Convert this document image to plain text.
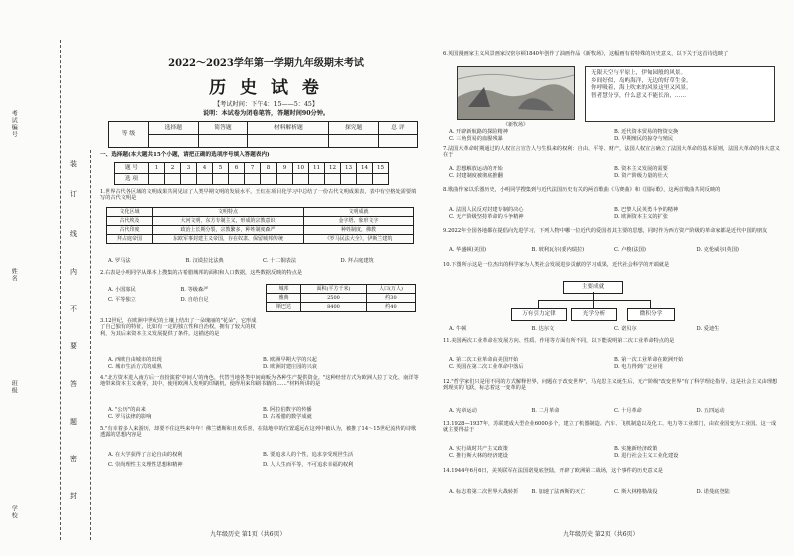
考试编号
姓名
班级
学校
装
订
线
内
不
要
答
题
密
封
2022～2023学年第一学期九年级期末考试
历 史 试 卷
【考试时间：下午4：15——5：45】
说明：本试卷为闭卷笔答，答题时间90分钟。
等 级	选择题	简答题	材料解析题	探究题	总 评

一、选择题(本大题共15个小题，请把正确的选项序号填入答题表内)
题 号	1	2	3	4	5	6	7	8	9	10	11	12	13	14	15
选 项															
1.世界古代各区域的文明成果共同见证了人类早期文明的发展水平。王红在项目化学习中总结了一份古代文明成果表，表中有空格处需要填写的古代文明是
文化区域	文明特点	文明成就
古代埃及	大河文明，东方专制主义，形成的宗教意识	金字塔、象形文字
古代印度	政治上长期分裂，宗教繁多，种姓制度森严	种姓制度，佛教
拜占庭帝国	东欧军事封建主义帝国，存在奴隶、保留城邦传统	《罗马民法大全》，伊斯兰建筑
A. 罗马法	B. 汉谟拉比法典	C. 十二铜表法	D. 拜占庭建筑
2.右表是小明同学从课本上搜集的古希腊城邦的面积和人口数据，这些数据反映的特点是
A. 小国寡民	B. 等级森严
C. 平等独立	D. 自给自足
城邦	面积(平方千米)	人口(万人)
雅典	2500	约30
斯巴达	8400	约40
3.12世纪，在欧洲中世纪的土壤上结出了一朵瑰丽的"花朵"，它形成了自己独有的特征，比如有一定的独立性和自治权，拥有了较大的权利，为其后来资本主义发展提供了条件。这描述的是
A. 西欧自由城市的出现	B. 欧洲早期大学的兴起
C. 城市生活方式的成熟	D. 欧洲封建庄园的兴衰
4."北方资本进入南方后一直扮演着'中间人'的角色，代替当地各类中间商贩为各种生产提供资金。"这种经营方式为欧洲人拉丁文化、南洋等地带来资本主义萌芽，其中，使用欧洲人发明的印刷机，使得用来印刷书籍的……"材料所讲的是
A. "公历"的由来	B. 阿拉伯数字的传播
C. 罗马法律的影响	D. 古希腊的数学成就
5."有幸着多人来游历，却要不住这些来年年！佛兰德斯和且欢乐喜，在陆地中的位置遥远在这列中被认为，被推了14～15世纪流传的诗歌透露的思想内容是
A. 在大学获得了言论自由的权利	B. 要追求人的个性，追求享受现世生活
C. 崇尚理性主义理性思想和精神	D. 人人生而平等，不可追求幸福的权利
九年级历史 第1页（共6页）
6.英国漫画家主义风景画家汉密尔顿1840年创作了油画作品《新牧场》，这幅画有着特殊的历史意义，以下关于这首诗选映了
《新牧场》
无限天空与平原上，伊甸园般的风景。
乡间好似，岛屿海洋，无边的好草生金。
你呼吸着，海上吹来的风景这里又风景。
智者慧分享，什么意义不能长治，……
A. 开辟新航路的探险精神	B. 近代资本贸易的物资交换
C. 三角贸易的血腥残暴	D. 早期殖民的掠夺与殖民
7.法国大革命时期通过的人权宣言宣告人与生俱来的权利：自由、平等、财产，法国人权宣言确立了法国大革命的基本原则，法国大革命的伟大意义在于
A. 思想解放运动的开始	B. 资本主义发展的需要
C. 封建制度被彻底推翻	D. 资产阶级力量的壮大
8.歌曲作家以乐器历史，小明同学搜集到与近代法国历史有关的两首歌曲《马赛曲》和《国际歌》，这两首歌曲共同反映的
A. 法国人民反对封建专制的决心	B. 巴黎人民英勇斗争的精神
C. 无产阶级坚持革命的斗争精神	D. 欧洲资本主义的扩张
9.2022年全国各地都在提倡向先进学习，下列人物中哪一位近代的爱国者其主要的思想，同时作为西方资产阶级的革命家都是近代中国的朋友
A. 华盛顿(美国)	B. 玻利瓦尔(委内瑞拉)	C. 卢梭(法国)	D. 克伦威尔(英国)
10.下图所示这是一位杰出的科学家为人类社会发展进步贡献的学习成果，近代社会科学的开端就是
主要成就
万有引力定律	光学分析	微积分学
A. 牛顿	B. 达尔文	C. 诺贝尔	D. 爱迪生
11.美国两次工业革命在发展方向、性质、作用等方面有所不同，以下能说明第二次工业革命特点的是
A. 第二次工业革命由美国开始	B. 第一次工业革命在欧洲开始
C. 英国在第二次工业革命中落后	D. 电力得到广泛应用
12."哲学家们只是用不同的方式解释世界，问题在于改变世界"，马克思主义诞生后，无产阶级"改变世界"有了科学理论指导，这是社会主义由理想到现实的飞跃，标志着这一变革的是
A. 宪章运动	B. 二月革命	C. 十月革命	D. 五四运动
13.1928—1937年，苏联建成大型企业6000多个，建立了机器制造、汽车、飞机制造以及化工、电力等工业部门，由农业国变为工业国。这一成就主要得益于
A. 实行战时共产主义政策	B. 实施新经济政策
C. 推行斯大林的经济建设	D. 进行社会主义工业化建设
14.1944年6月6日，美英联军在法国诺曼底登陆，开辟了欧洲第二战场，这个事件的历史意义是
A. 标志着第二次世界大战转折	B. 加速了法西斯的灭亡	C. 斯大林格勒战役	D. 诺曼底登陆
九年级历史 第2页（共6页）
